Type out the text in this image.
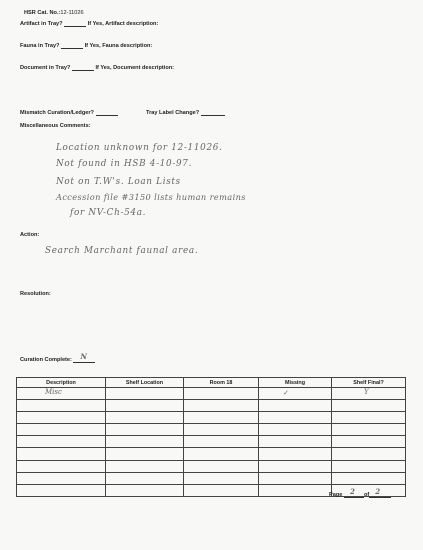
HSR Cat. No.:12-11026
Artifact in Tray?	If Yes, Artifact description:
Fauna in Tray?	If Yes, Fauna description:
Document in Tray?	If Yes, Document description:
Mismatch Curation/Ledger?	Tray Label Change?
Miscellaneous Comments:
Location unknown for 12-11026.
Not found in HSB 4-10-97.
Not on T.W's. Loan Lists
Accession file #3150 lists human remains
for NV-Ch-54a.
Action:
Search Marchant faunal area.
Resolution:
Curation Complete: N
Description	Shelf Location	Room 18	Missing	Shelf Final?

Misc			✓	Y

Page 2 of 2
